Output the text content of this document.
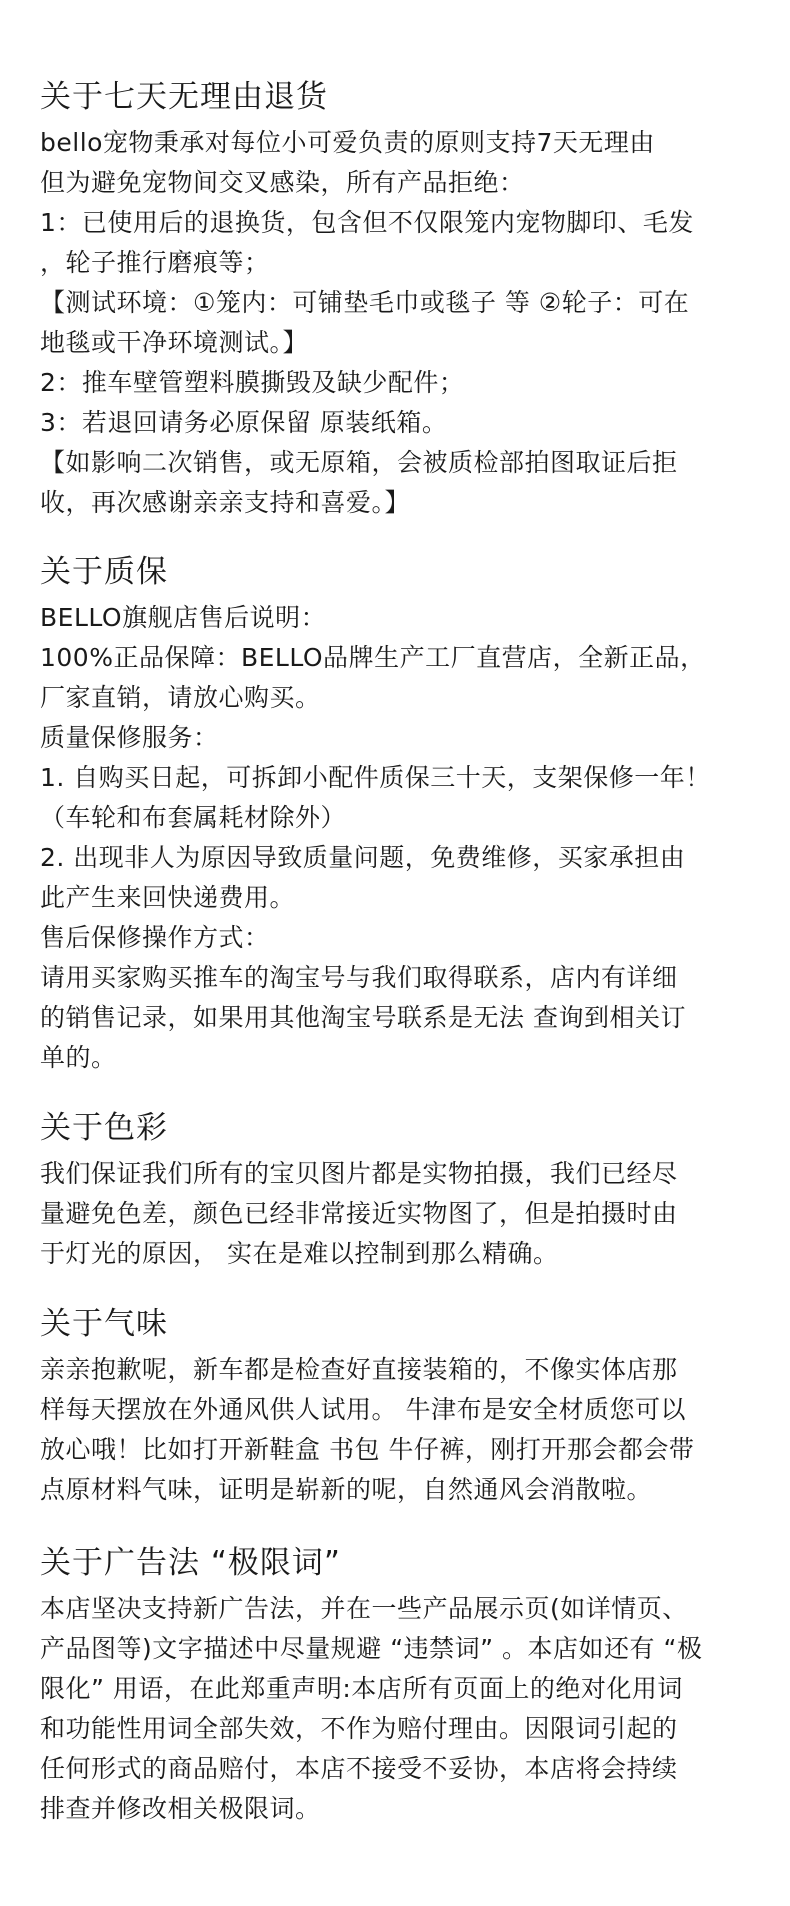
关于七天无理由退货
bello宠物秉承对每位小可爱负责的原则支持7天无理由
但为避免宠物间交叉感染，所有产品拒绝：
1：已使用后的退换货，包含但不仅限笼内宠物脚印、毛发
，轮子推行磨痕等；
【测试环境：①笼内：可铺垫毛巾或毯子 等 ②轮子：可在
地毯或干净环境测试。】
2：推车壁管塑料膜撕毁及缺少配件；
3：若退回请务必原保留 原装纸箱。
【如影响二次销售，或无原箱，会被质检部拍图取证后拒
收，再次感谢亲亲支持和喜爱。】
关于质保
BELLO旗舰店售后说明：
100%正品保障：BELLO品牌生产工厂直营店，全新正品，
厂家直销，请放心购买。
质量保修服务：
1. 自购买日起，可拆卸小配件质保三十天，支架保修一年！
（车轮和布套属耗材除外）
2. 出现非人为原因导致质量问题，免费维修，买家承担由
此产生来回快递费用。
售后保修操作方式：
请用买家购买推车的淘宝号与我们取得联系，店内有详细
的销售记录，如果用其他淘宝号联系是无法 查询到相关订
单的。
关于色彩
我们保证我们所有的宝贝图片都是实物拍摄，我们已经尽
量避免色差，颜色已经非常接近实物图了，但是拍摄时由
于灯光的原因， 实在是难以控制到那么精确。
关于气味
亲亲抱歉呢，新车都是检查好直接装箱的，不像实体店那
样每天摆放在外通风供人试用。 牛津布是安全材质您可以
放心哦！比如打开新鞋盒 书包 牛仔裤，刚打开那会都会带
点原材料气味，证明是崭新的呢，自然通风会消散啦。
关于广告法 “极限词”
本店坚决支持新广告法，并在一些产品展示页(如详情页、
产品图等)文字描述中尽量规避 “违禁词” 。本店如还有 “极
限化” 用语，在此郑重声明:本店所有页面上的绝对化用词
和功能性用词全部失效，不作为赔付理由。因限词引起的
任何形式的商品赔付，本店不接受不妥协，本店将会持续
排查并修改相关极限词。
